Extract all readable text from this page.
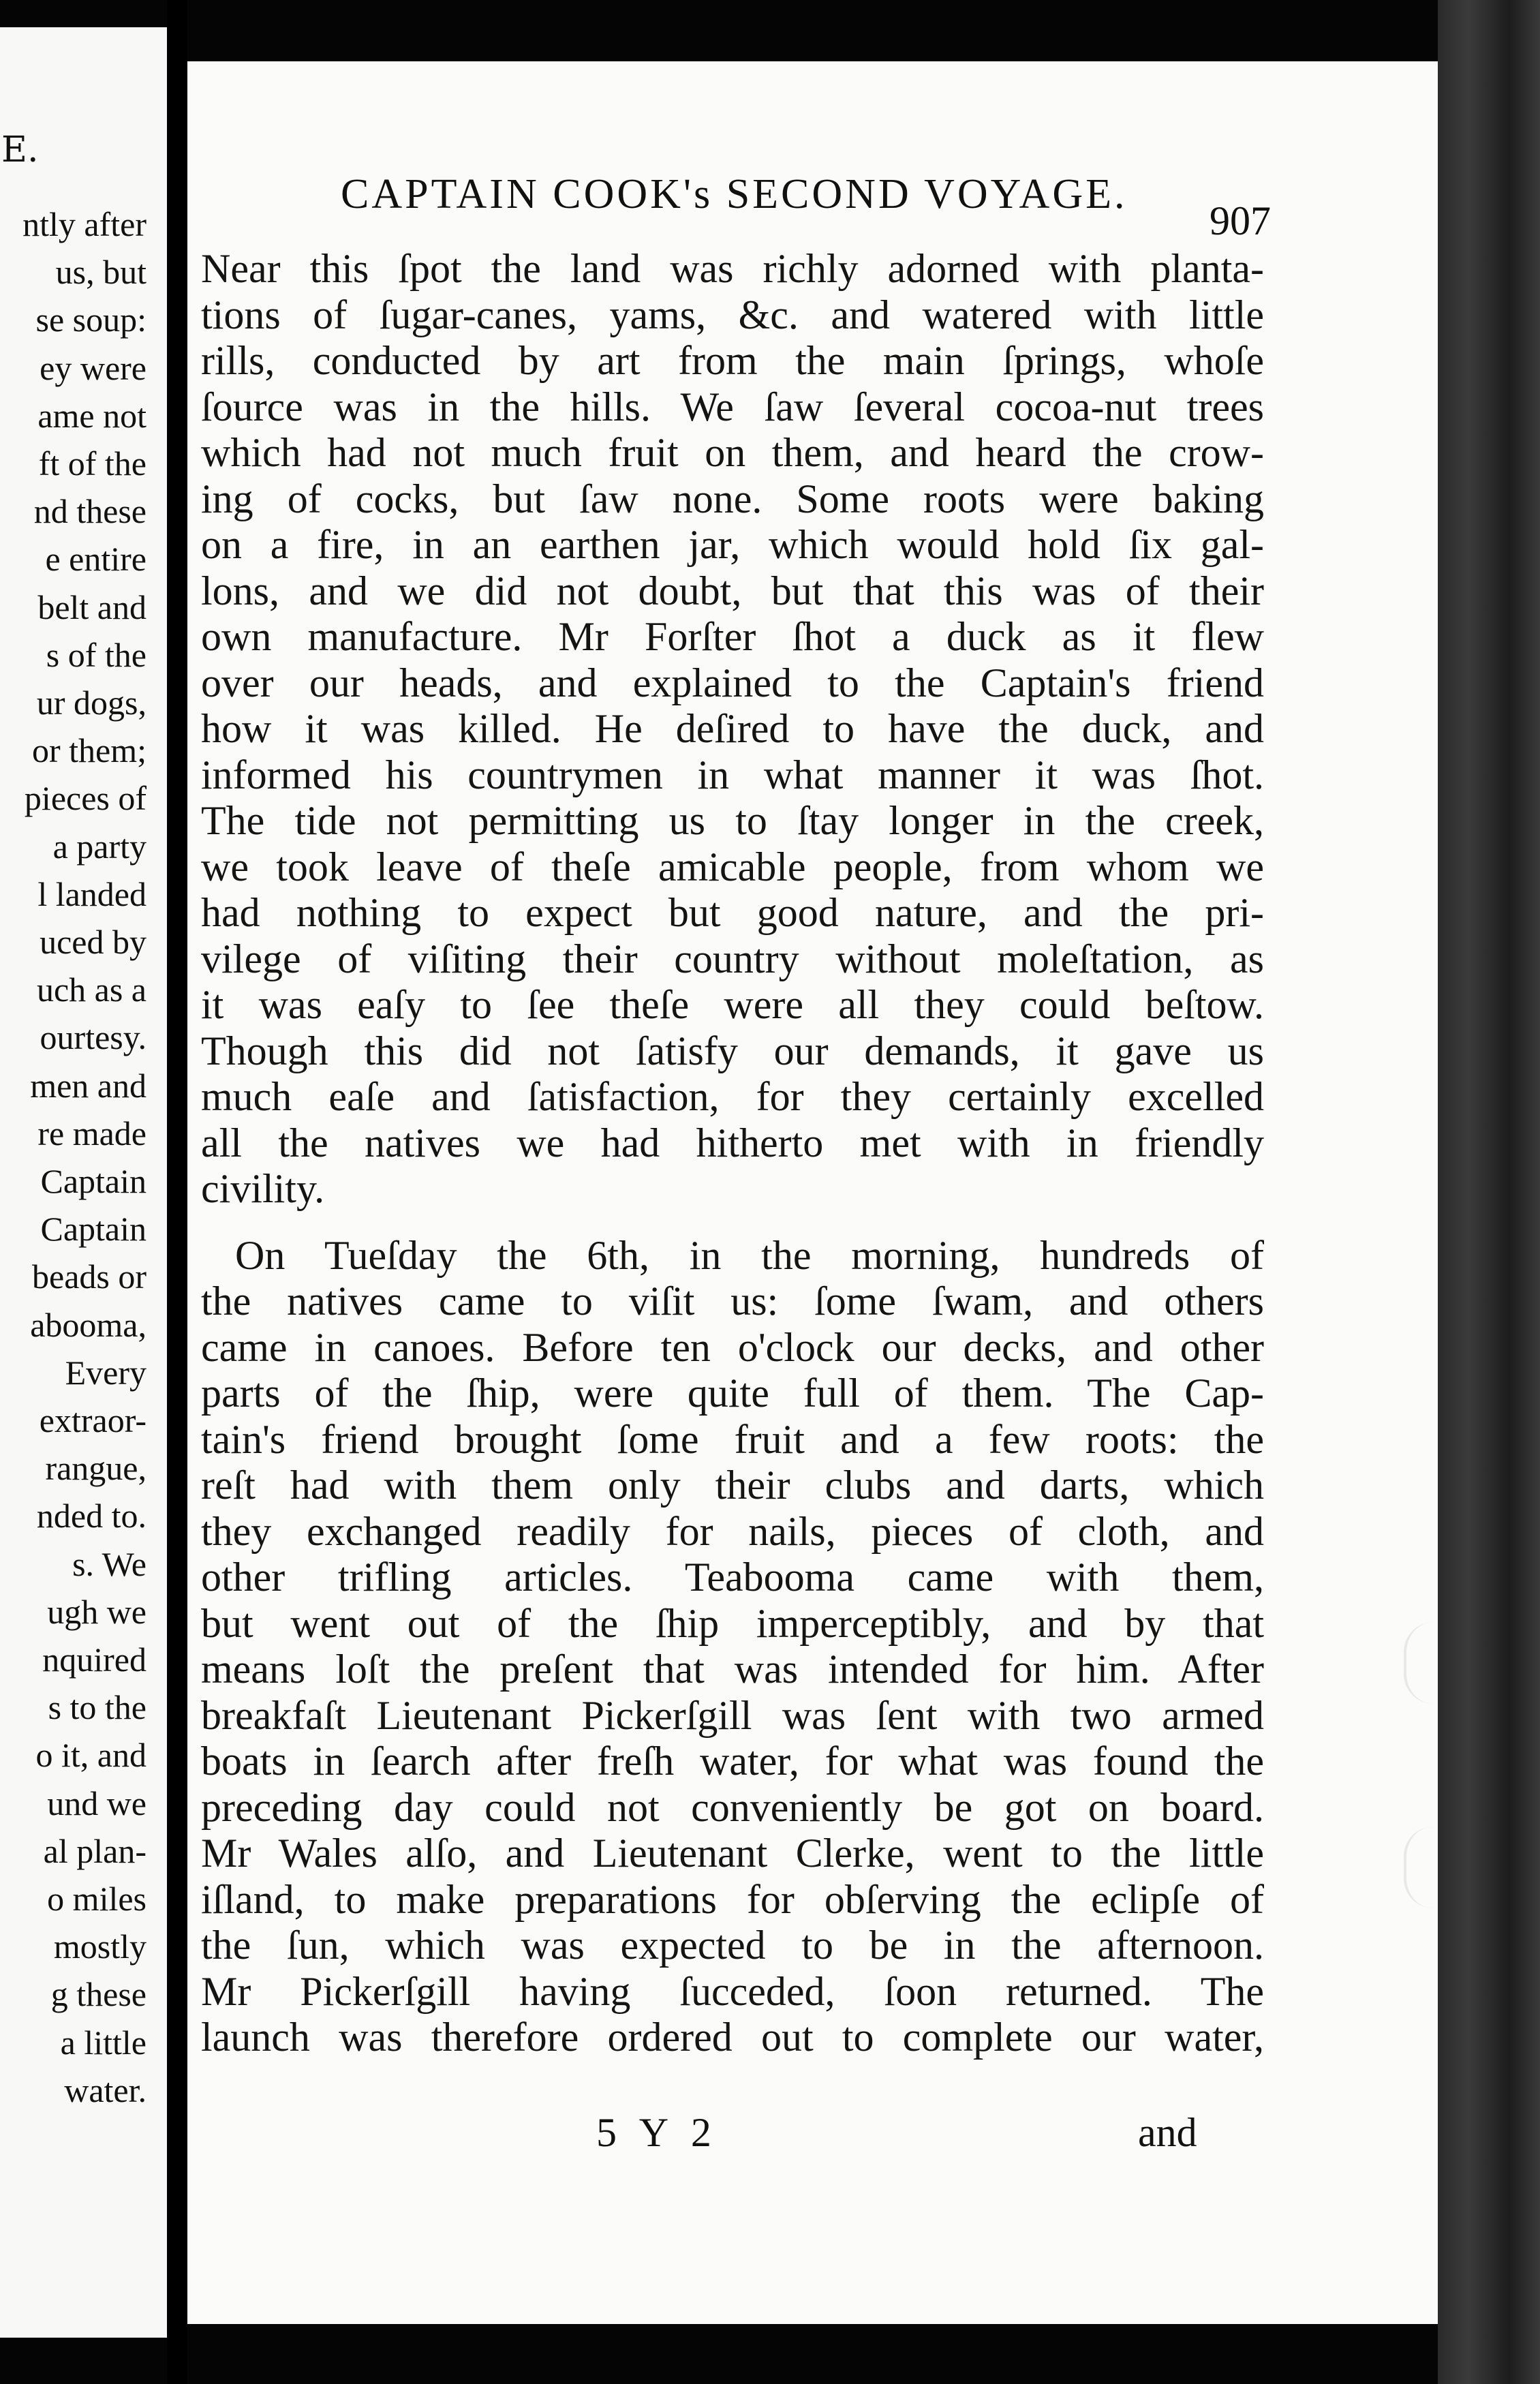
E.
ntly after
us, but
se soup:
ey were
ame not
ft of the
nd these
e entire
belt and
s of the
ur dogs,
or them;
pieces of
a party
l landed
uced by
uch as a
ourtesy.
men and
re made
Captain
Captain
beads or
abooma,
Every
extraor-
rangue,
nded to.
s. We
ugh we
nquired
s to the
o it, and
und we
al plan-
o miles
mostly
g these
a little
water.
CAPTAIN COOK's SECOND VOYAGE.
907
Near this ſpot the land was richly adorned with planta-
tions of ſugar-canes, yams, &c. and watered with little
rills, conducted by art from the main ſprings, whoſe
ſource was in the hills. We ſaw ſeveral cocoa-nut trees
which had not much fruit on them, and heard the crow-
ing of cocks, but ſaw none. Some roots were baking
on a fire, in an earthen jar, which would hold ſix gal-
lons, and we did not doubt, but that this was of their
own manufacture. Mr Forſter ſhot a duck as it flew
over our heads, and explained to the Captain's friend
how it was killed. He deſired to have the duck, and
informed his countrymen in what manner it was ſhot.
The tide not permitting us to ſtay longer in the creek,
we took leave of theſe amicable people, from whom we
had nothing to expect but good nature, and the pri-
vilege of viſiting their country without moleſtation, as
it was eaſy to ſee theſe were all they could beſtow.
Though this did not ſatisfy our demands, it gave us
much eaſe and ſatisfaction, for they certainly excelled
all the natives we had hitherto met with in friendly
civility.
On Tueſday the 6th, in the morning, hundreds of
the natives came to viſit us: ſome ſwam, and others
came in canoes. Before ten o'clock our decks, and other
parts of the ſhip, were quite full of them. The Cap-
tain's friend brought ſome fruit and a few roots: the
reſt had with them only their clubs and darts, which
they exchanged readily for nails, pieces of cloth, and
other trifling articles. Teabooma came with them,
but went out of the ſhip imperceptibly, and by that
means loſt the preſent that was intended for him. After
breakfaſt Lieutenant Pickerſgill was ſent with two armed
boats in ſearch after freſh water, for what was found the
preceding day could not conveniently be got on board.
Mr Wales alſo, and Lieutenant Clerke, went to the little
iſland, to make preparations for obſerving the eclipſe of
the ſun, which was expected to be in the afternoon.
Mr Pickerſgill having ſucceded, ſoon returned. The
launch was therefore ordered out to complete our water,
5 Y 2	and
